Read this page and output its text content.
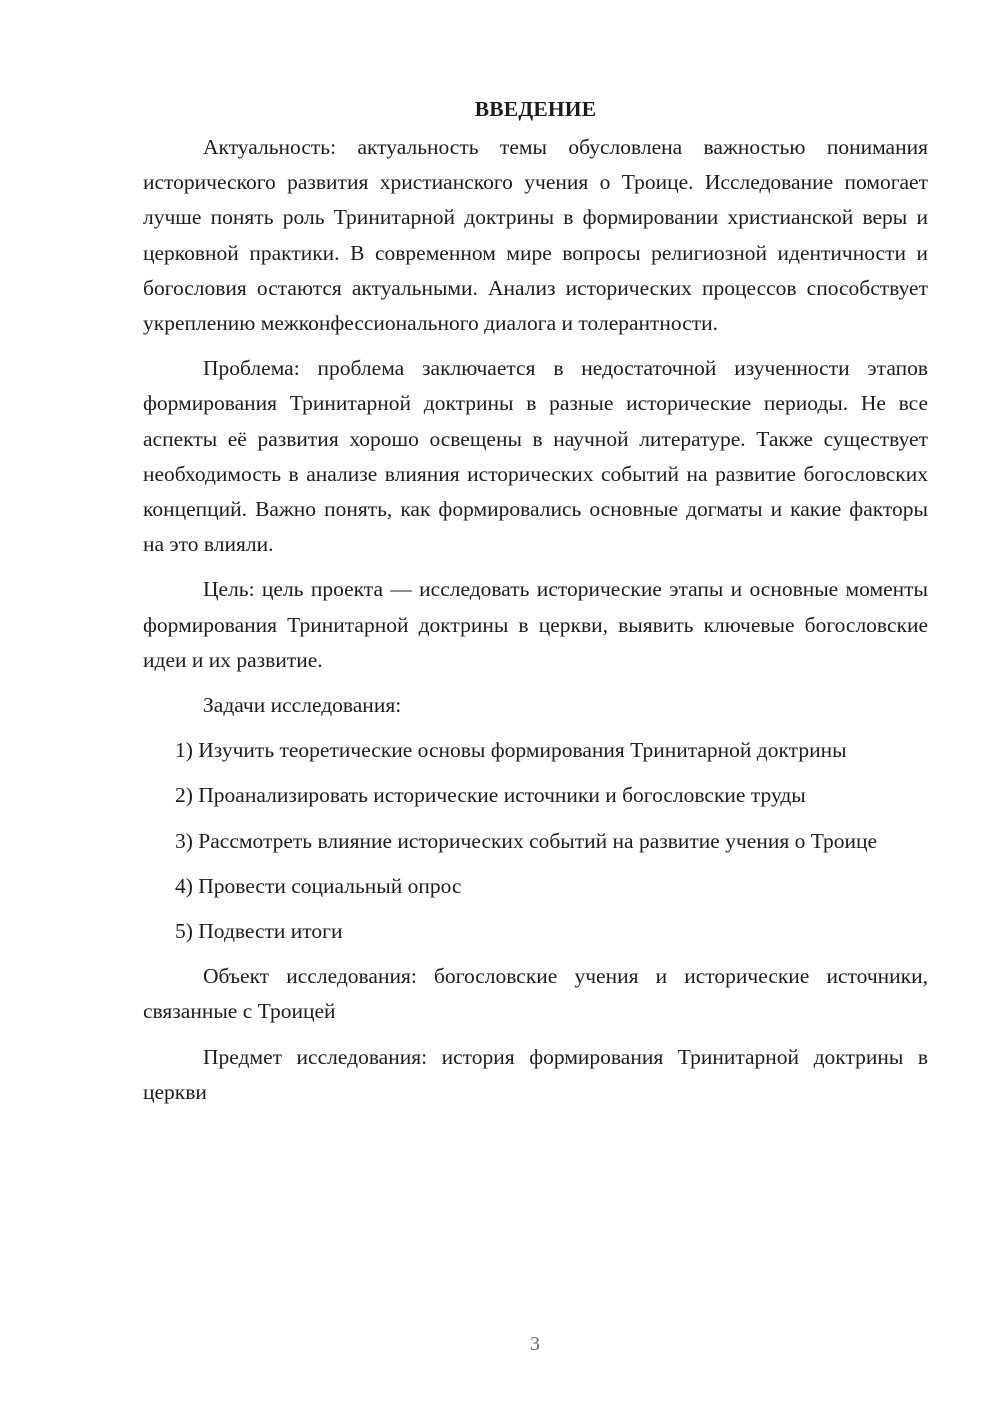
ВВЕДЕНИЕ

Актуальность: актуальность темы обусловлена важностью понимания исторического развития христианского учения о Троице. Исследование помогает лучше понять роль Тринитарной доктрины в формировании христианской веры и церковной практики. В современном мире вопросы религиозной идентичности и богословия остаются актуальными. Анализ исторических процессов способствует укреплению межконфессионального диалога и толерантности.

Проблема: проблема заключается в недостаточной изученности этапов формирования Тринитарной доктрины в разные исторические периоды. Не все аспекты её развития хорошо освещены в научной литературе. Также существует необходимость в анализе влияния исторических событий на развитие богословских концепций. Важно понять, как формировались основные догматы и какие факторы на это влияли.

Цель: цель проекта — исследовать исторические этапы и основные моменты формирования Тринитарной доктрины в церкви, выявить ключевые богословские идеи и их развитие.

Задачи исследования:

1) Изучить теоретические основы формирования Тринитарной доктрины

2) Проанализировать исторические источники и богословские труды

3) Рассмотреть влияние исторических событий на развитие учения о Троице

4) Провести социальный опрос

5) Подвести итоги

Объект исследования: богословские учения и исторические источники, связанные с Троицей

Предмет исследования: история формирования Тринитарной доктрины в церкви

3
